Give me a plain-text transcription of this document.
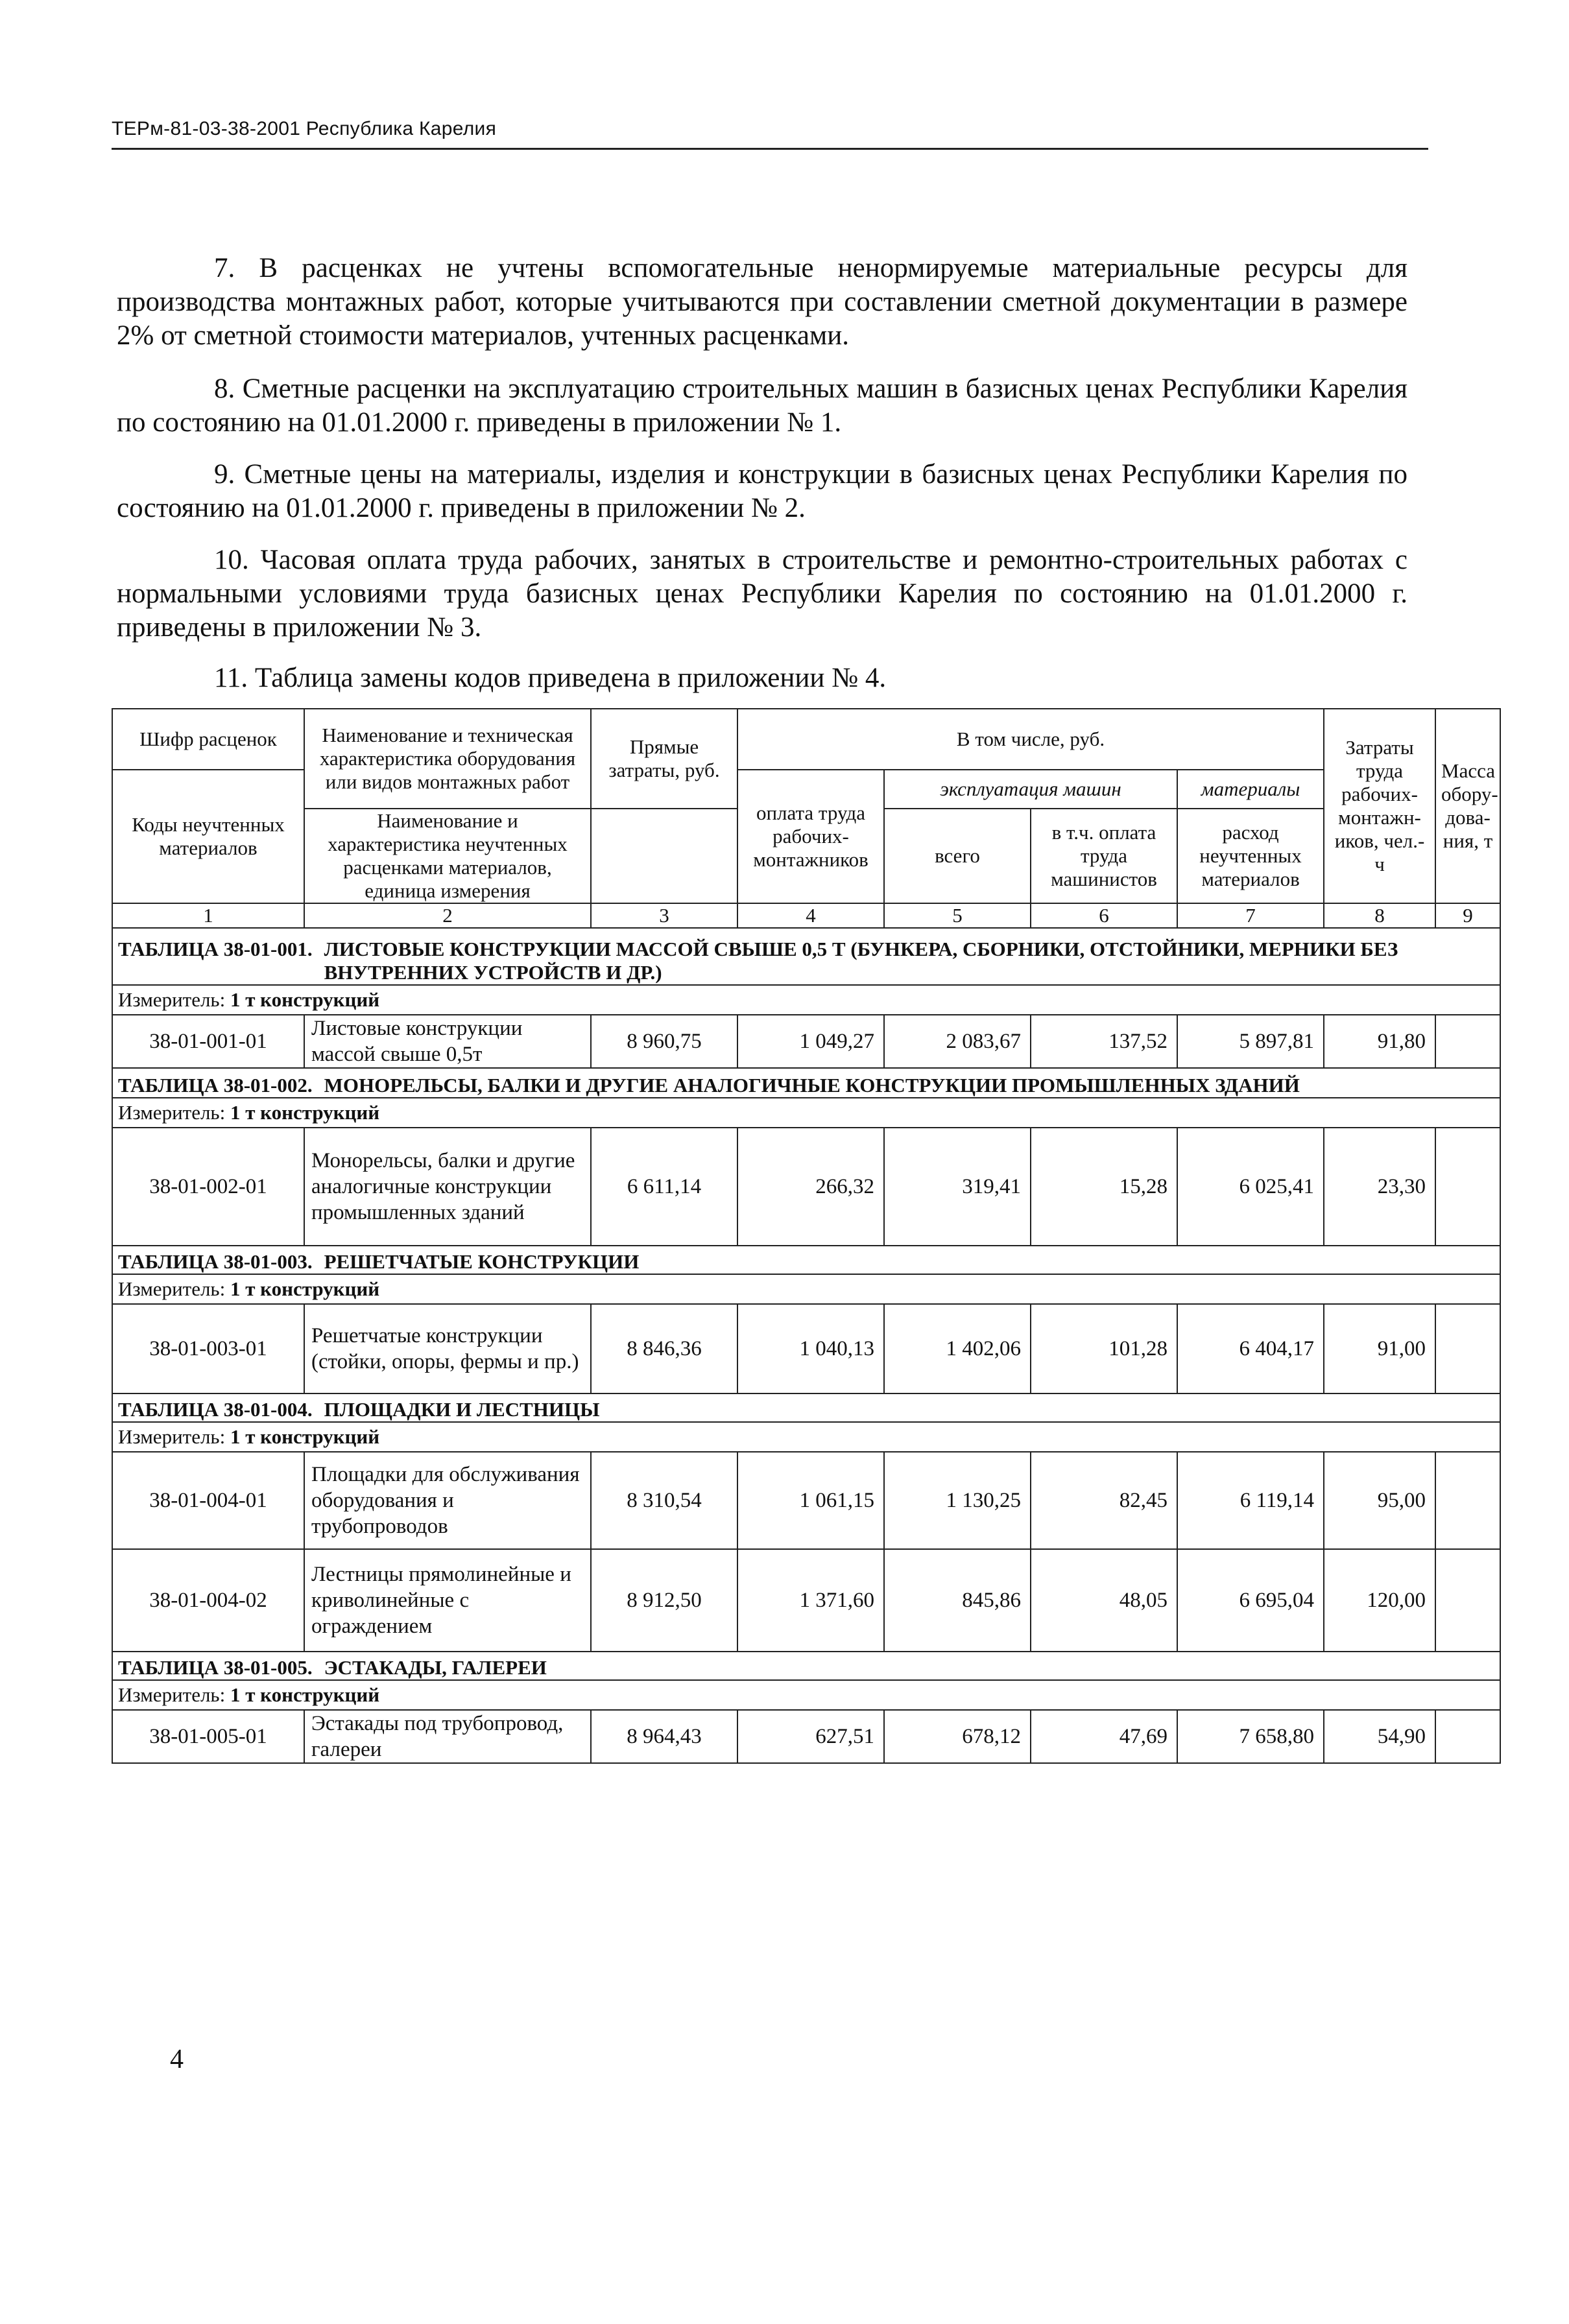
ТЕРм-81-03-38-2001 Республика Карелия

7. В расценках не учтены вспомогательные ненормируемые материальные ресурсы для производства монтажных работ, которые учитываются при составлении сметной документации в размере 2% от сметной стоимости материалов, учтенных расценками.

8. Сметные расценки на эксплуатацию строительных машин в базисных ценах Республики Карелия по состоянию на 01.01.2000 г. приведены в приложении № 1.

9. Сметные цены на материалы, изделия и конструкции в базисных ценах Республики Карелия по состоянию на 01.01.2000 г. приведены в приложении № 2.

10. Часовая оплата труда рабочих, занятых в строительстве и ремонтно-строительных работах с нормальными условиями труда базисных ценах Республики Карелия по состоянию на 01.01.2000 г. приведены в приложении № 3.

11. Таблица замены кодов приведена в приложении № 4.

Шифр расценок	Наименование и техническая характеристика оборудования или видов монтажных работ	Прямые затраты, руб.	В том числе, руб.				Затраты труда рабочих-монтажн-иков, чел.-ч	Масса обору-дова-ния, т
Коды неучтенных материалов			оплата труда рабочих-монтажников	эксплуатация машин		материалы		
	Наименование и характеристика неучтенных расценками материалов, единица измерения			всего	в т.ч. оплата труда машинистов	расход неучтенных материалов		

1	2	3	4	5	6	7	8	9

ТАБЛИЦА 38-01-001. ЛИСТОВЫЕ КОНСТРУКЦИИ МАССОЙ СВЫШЕ 0,5 Т (БУНКЕРА, СБОРНИКИ, ОТСТОЙНИКИ, МЕРНИКИ БЕЗ ВНУТРЕННИХ УСТРОЙСТВ И ДР.)								

Измеритель: 1 т конструкций								
38-01-001-01	Листовые конструкции массой свыше 0,5т	8 960,75	1 049,27	2 083,67	137,52	5 897,81	91,80	

ТАБЛИЦА 38-01-002. МОНОРЕЛЬСЫ, БАЛКИ И ДРУГИЕ АНАЛОГИЧНЫЕ КОНСТРУКЦИИ ПРОМЫШЛЕННЫХ ЗДАНИЙ								

Измеритель: 1 т конструкций								
38-01-002-01	Монорельсы, балки и другие аналогичные конструкции промышленных зданий	6 611,14	266,32	319,41	15,28	6 025,41	23,30	

ТАБЛИЦА 38-01-003. РЕШЕТЧАТЫЕ КОНСТРУКЦИИ								

Измеритель: 1 т конструкций								
38-01-003-01	Решетчатые конструкции (стойки, опоры, фермы и пр.)	8 846,36	1 040,13	1 402,06	101,28	6 404,17	91,00	

ТАБЛИЦА 38-01-004. ПЛОЩАДКИ И ЛЕСТНИЦЫ								

Измеритель: 1 т конструкций								
38-01-004-01	Площадки для обслуживания оборудования и трубопроводов	8 310,54	1 061,15	1 130,25	82,45	6 119,14	95,00	
38-01-004-02	Лестницы прямолинейные и криволинейные с ограждением	8 912,50	1 371,60	845,86	48,05	6 695,04	120,00	

ТАБЛИЦА 38-01-005. ЭСТАКАДЫ, ГАЛЕРЕИ								

Измеритель: 1 т конструкций								
38-01-005-01	Эстакады под трубопровод, галереи	8 964,43	627,51	678,12	47,69	7 658,80	54,90	
4
